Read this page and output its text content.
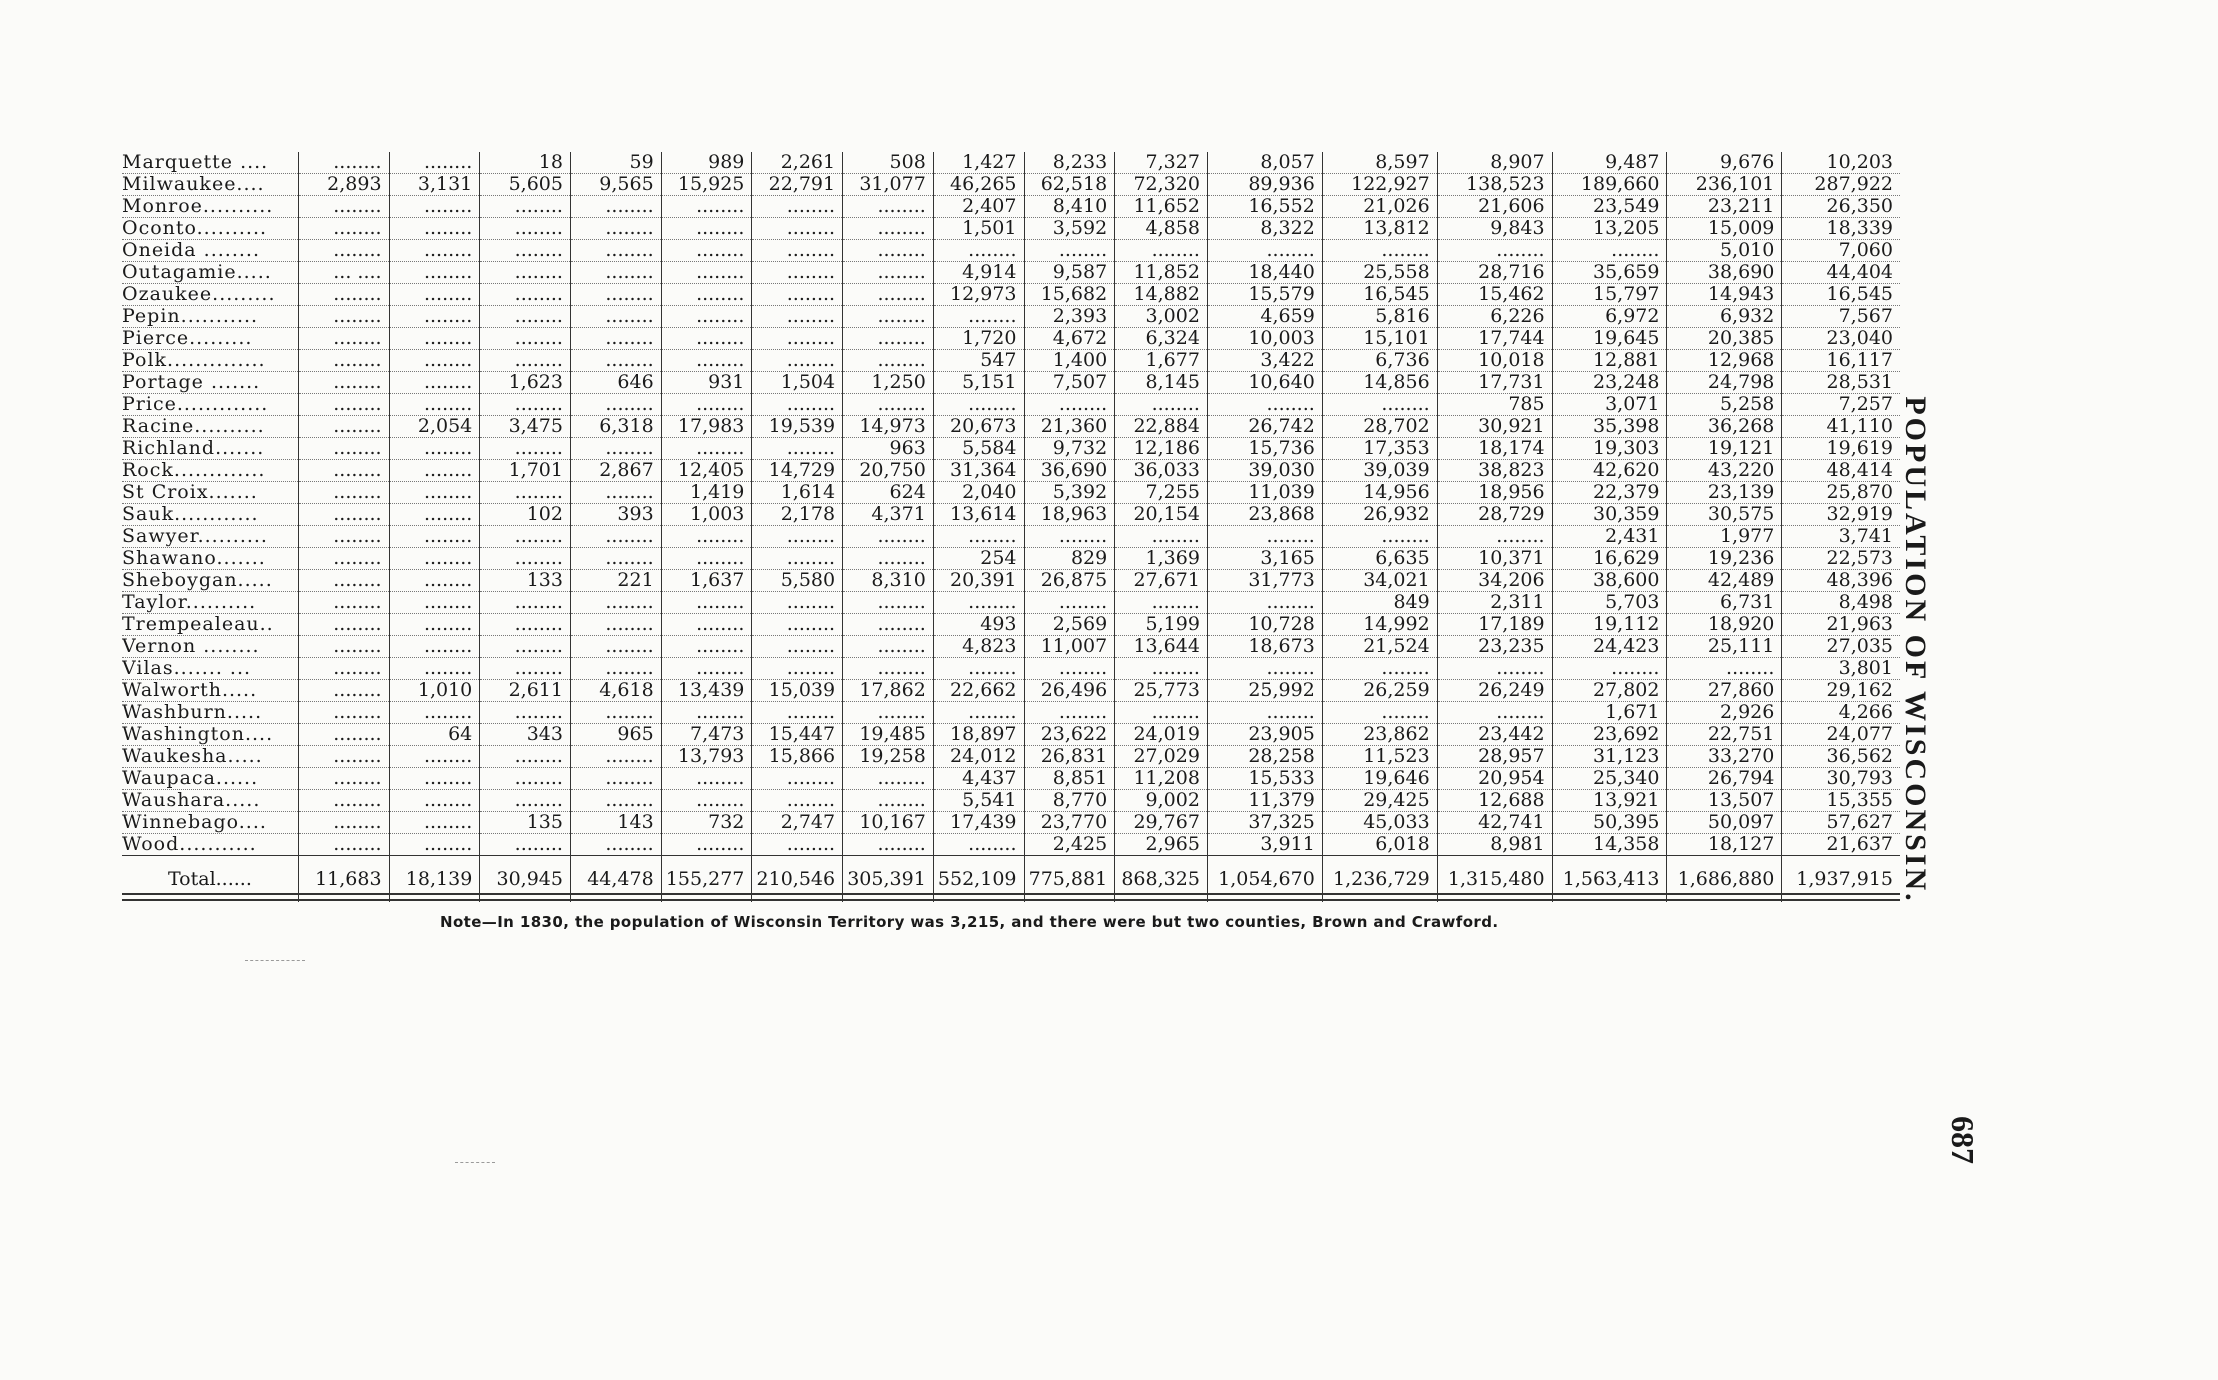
Marquette ....	........	........	18	59	989	2,261	508	1,427	8,233	7,327	8,057	8,597	8,907	9,487	9,676	10,203
Milwaukee....	2,893	3,131	5,605	9,565	15,925	22,791	31,077	46,265	62,518	72,320	89,936	122,927	138,523	189,660	236,101	287,922
Monroe..........	........	........	........	........	........	........	........	2,407	8,410	11,652	16,552	21,026	21,606	23,549	23,211	26,350
Oconto..........	........	........	........	........	........	........	........	1,501	3,592	4,858	8,322	13,812	9,843	13,205	15,009	18,339
Oneida ........	........	........	........	........	........	........	........	........	........	........	........	........	........	........	5,010	7,060
Outagamie.....	... ....	........	........	........	........	........	........	4,914	9,587	11,852	18,440	25,558	28,716	35,659	38,690	44,404
Ozaukee.........	........	........	........	........	........	........	........	12,973	15,682	14,882	15,579	16,545	15,462	15,797	14,943	16,545
Pepin...........	........	........	........	........	........	........	........	........	2,393	3,002	4,659	5,816	6,226	6,972	6,932	7,567
Pierce.........	........	........	........	........	........	........	........	1,720	4,672	6,324	10,003	15,101	17,744	19,645	20,385	23,040
Polk..............	........	........	........	........	........	........	........	547	1,400	1,677	3,422	6,736	10,018	12,881	12,968	16,117
Portage .......	........	........	1,623	646	931	1,504	1,250	5,151	7,507	8,145	10,640	14,856	17,731	23,248	24,798	28,531
Price.............	........	........	........	........	........	........	........	........	........	........	........	........	785	3,071	5,258	7,257
Racine..........	........	2,054	3,475	6,318	17,983	19,539	14,973	20,673	21,360	22,884	26,742	28,702	30,921	35,398	36,268	41,110
Richland.......	........	........	........	........	........	........	963	5,584	9,732	12,186	15,736	17,353	18,174	19,303	19,121	19,619
Rock.............	........	........	1,701	2,867	12,405	14,729	20,750	31,364	36,690	36,033	39,030	39,039	38,823	42,620	43,220	48,414
St Croix.......	........	........	........	........	1,419	1,614	624	2,040	5,392	7,255	11,039	14,956	18,956	22,379	23,139	25,870
Sauk............	........	........	102	393	1,003	2,178	4,371	13,614	18,963	20,154	23,868	26,932	28,729	30,359	30,575	32,919
Sawyer..........	........	........	........	........	........	........	........	........	........	........	........	........	........	2,431	1,977	3,741
Shawano.......	........	........	........	........	........	........	........	254	829	1,369	3,165	6,635	10,371	16,629	19,236	22,573
Sheboygan.....	........	........	133	221	1,637	5,580	8,310	20,391	26,875	27,671	31,773	34,021	34,206	38,600	42,489	48,396
Taylor..........	........	........	........	........	........	........	........	........	........	........	........	849	2,311	5,703	6,731	8,498
Trempealeau..	........	........	........	........	........	........	........	493	2,569	5,199	10,728	14,992	17,189	19,112	18,920	21,963
Vernon ........	........	........	........	........	........	........	........	4,823	11,007	13,644	18,673	21,524	23,235	24,423	25,111	27,035
Vilas....... ...	........	........	........	........	........	........	........	........	........	........	........	........	........	........	........	3,801
Walworth.....	........	1,010	2,611	4,618	13,439	15,039	17,862	22,662	26,496	25,773	25,992	26,259	26,249	27,802	27,860	29,162
Washburn.....	........	........	........	........	........	........	........	........	........	........	........	........	........	1,671	2,926	4,266
Washington....	........	64	343	965	7,473	15,447	19,485	18,897	23,622	24,019	23,905	23,862	23,442	23,692	22,751	24,077
Waukesha.....	........	........	........	........	13,793	15,866	19,258	24,012	26,831	27,029	28,258	11,523	28,957	31,123	33,270	36,562
Waupaca......	........	........	........	........	........	........	........	4,437	8,851	11,208	15,533	19,646	20,954	25,340	26,794	30,793
Waushara.....	........	........	........	........	........	........	........	5,541	8,770	9,002	11,379	29,425	12,688	13,921	13,507	15,355
Winnebago....	........	........	135	143	732	2,747	10,167	17,439	23,770	29,767	37,325	45,033	42,741	50,395	50,097	57,627
Wood...........	........	........	........	........	........	........	........	........	2,425	2,965	3,911	6,018	8,981	14,358	18,127	21,637
Total......	11,683	18,139	30,945	44,478	155,277	210,546	305,391	552,109	775,881	868,325	1,054,670	1,236,729	1,315,480	1,563,413	1,686,880	1,937,915
Note—In 1830, the population of Wisconsin Territory was 3,215, and there were but two counties, Brown and Crawford.
POPULATION OF WISCONSIN.
687
